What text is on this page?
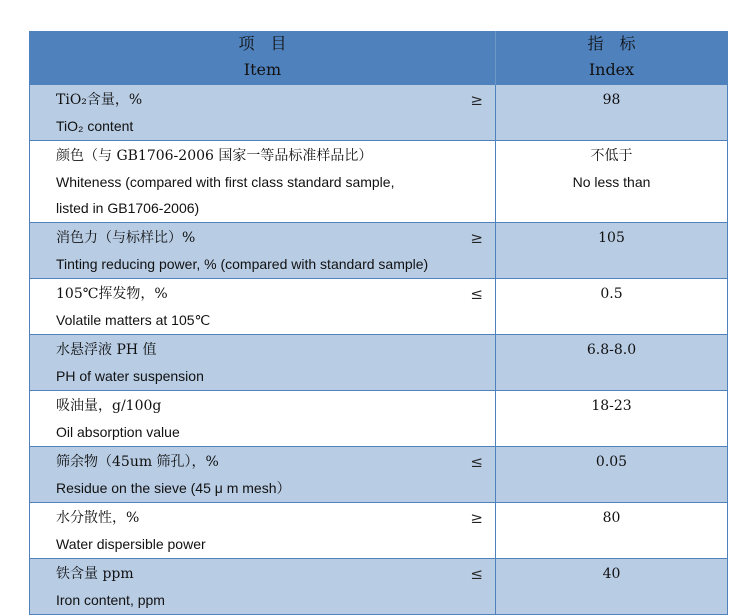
项　目
Item	指　标
Index

TiO₂含量，%
TiO₂ content
≥	98

颜色（与 GB1706-2006 国家一等品标准样品比）
Whiteness (compared with first class standard sample,
listed in GB1706-2006)	不低于
No less than

消色力（与标样比）%
Tinting reducing power, % (compared with standard sample)
≥	105

105℃挥发物，%
Volatile matters at 105℃
≤	0.5

水悬浮液 PH 值
PH of water suspension	6.8-8.0

吸油量，g/100g
Oil absorption value	18-23

筛余物（45um 筛孔），%
Residue on the sieve (45 μ m mesh）
≤	0.05

水分散性，%
Water dispersible power
≥	80

铁含量 ppm
Iron content, ppm
≤	40
